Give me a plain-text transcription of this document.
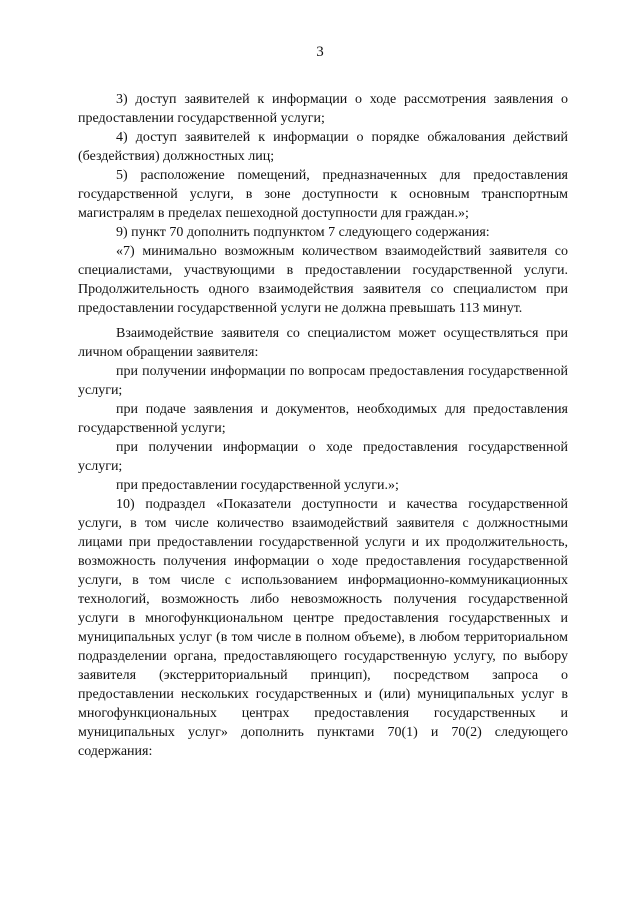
3

3) доступ заявителей к информации о ходе рассмотрения заявления о предоставлении государственной услуги;

4) доступ заявителей к информации о порядке обжалования действий (бездействия) должностных лиц;

5) расположение помещений, предназначенных для предоставления государственной услуги, в зоне доступности к основным транспортным магистралям в пределах пешеходной доступности для граждан.»;

9) пункт 70 дополнить подпунктом 7 следующего содержания:

«7) минимально возможным количеством взаимодействий заявителя со специалистами, участвующими в предоставлении государственной услуги. Продолжительность одного взаимодействия заявителя со специалистом при предоставлении государственной услуги не должна превышать 113 минут.

Взаимодействие заявителя со специалистом может осуществляться при личном обращении заявителя:

при получении информации по вопросам предоставления государственной услуги;

при подаче заявления и документов, необходимых для предоставления государственной услуги;

при получении информации о ходе предоставления государственной услуги;

при предоставлении государственной услуги.»;

10) подраздел «Показатели доступности и качества государственной услуги, в том числе количество взаимодействий заявителя с должностными лицами при предоставлении государственной услуги и их продолжительность, возможность получения информации о ходе предоставления государственной услуги, в том числе с использованием информационно-коммуникационных технологий, возможность либо невозможность получения государственной услуги в многофункциональном центре предоставления государственных и муниципальных услуг (в том числе в полном объеме), в любом территориальном подразделении органа, предоставляющего государственную услугу, по выбору заявителя (экстерриториальный принцип), посредством запроса о предоставлении нескольких государственных и (или) муниципальных услуг в многофункциональных центрах предоставления государственных и муниципальных услуг» дополнить пунктами 70(1) и 70(2) следующего содержания:
